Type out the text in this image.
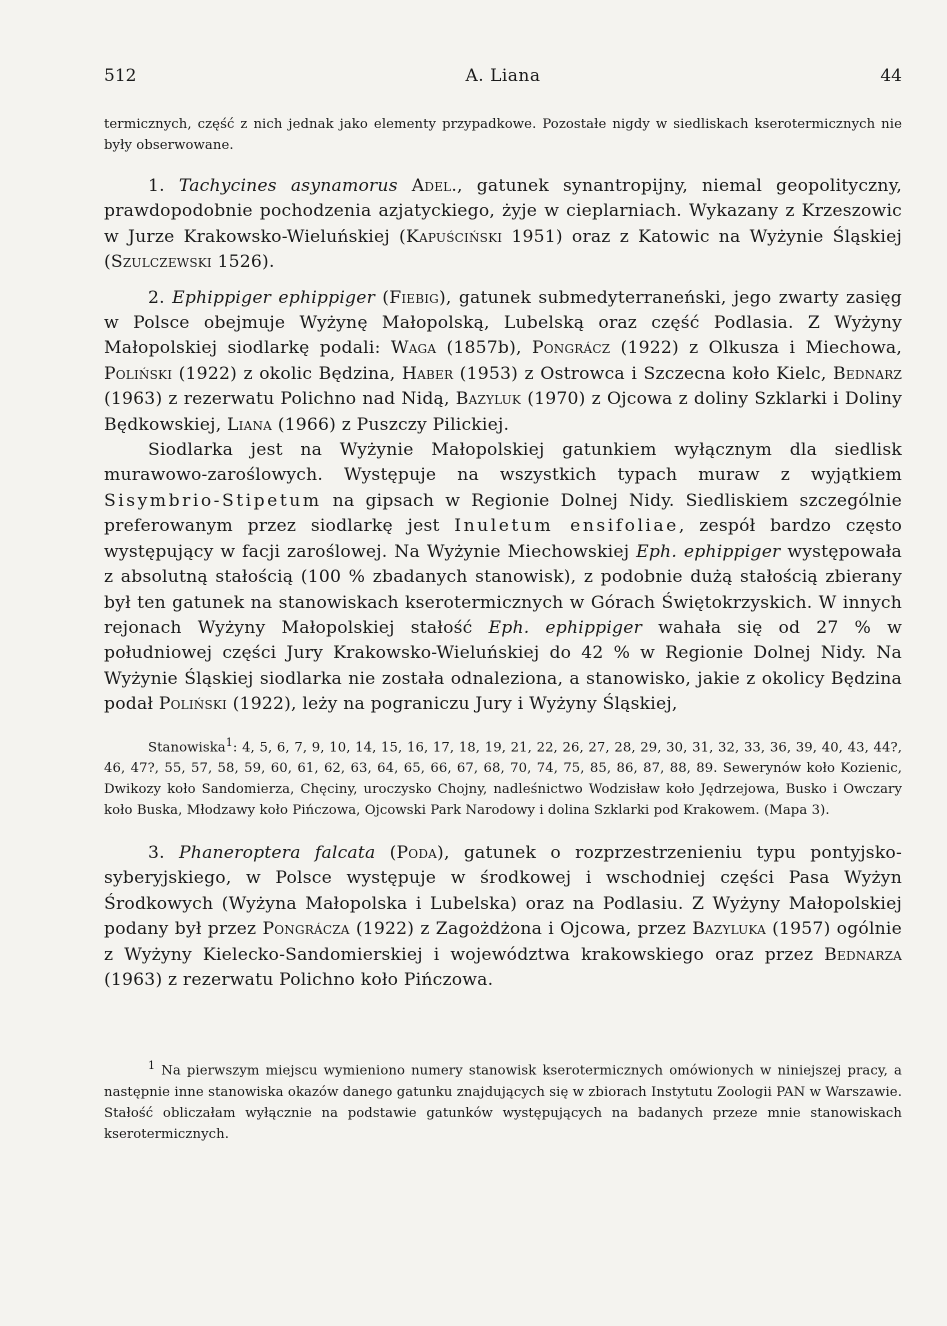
512	A. Liana	44
termicznych, część z nich jednak jako elementy przypadkowe. Pozostałe nigdy w siedliskach kserotermicznych nie były obserwowane.

1. Tachycines asynamorus Adel., gatunek synantropijny, niemal geopolityczny, prawdopodobnie pochodzenia azjatyckiego, żyje w cieplarniach. Wykazany z Krzeszowic w Jurze Krakowsko-Wieluńskiej (Kapuściński 1951) oraz z Katowic na Wyżynie Śląskiej (Szulczewski 1526).

2. Ephippiger ephippiger (Fiebig), gatunek submedyterraneński, jego zwarty zasięg w Polsce obejmuje Wyżynę Małopolską, Lubelską oraz część Podlasia. Z Wyżyny Małopolskiej siodlarkę podali: Waga (1857b), Pongrácz (1922) z Olkusza i Miechowa, Poliński (1922) z okolic Będzina, Haber (1953) z Ostrowca i Szczecna koło Kielc, Bednarz (1963) z rezerwatu Polichno nad Nidą, Bazyluk (1970) z Ojcowa z doliny Szklarki i Doliny Będkowskiej, Liana (1966) z Puszczy Pilickiej.

Siodlarka jest na Wyżynie Małopolskiej gatunkiem wyłącznym dla siedlisk murawowo-zaroślowych. Występuje na wszystkich typach muraw z wyjątkiem Sisymbrio-Stipetum na gipsach w Regionie Dolnej Nidy. Siedliskiem szczególnie preferowanym przez siodlarkę jest Inuletum ensifoliae, zespół bardzo często występujący w facji zaroślowej. Na Wyżynie Miechowskiej Eph. ephippiger występowała z absolutną stałością (100 % zbadanych stanowisk), z podobnie dużą stałością zbierany był ten gatunek na stanowiskach kserotermicznych w Górach Świętokrzyskich. W innych rejonach Wyżyny Małopolskiej stałość Eph. ephippiger wahała się od 27 % w południowej części Jury Krakowsko-Wieluńskiej do 42 % w Regionie Dolnej Nidy. Na Wyżynie Śląskiej siodlarka nie została odnaleziona, a stanowisko, jakie z okolicy Będzina podał Poliński (1922), leży na pograniczu Jury i Wyżyny Śląskiej,

Stanowiska$^1$: 4, 5, 6, 7, 9, 10, 14, 15, 16, 17, 18, 19, 21, 22, 26, 27, 28, 29, 30, 31, 32, 33, 36, 39, 40, 43, 44?, 46, 47?, 55, 57, 58, 59, 60, 61, 62, 63, 64, 65, 66, 67, 68, 70, 74, 75, 85, 86, 87, 88, 89. Sewerynów koło Kozienic, Dwikozy koło Sandomierza, Chęciny, uroczysko Chojny, nadleśnictwo Wodzisław koło Jędrzejowa, Busko i Owczary koło Buska, Młodzawy koło Pińczowa, Ojcowski Park Narodowy i dolina Szklarki pod Krakowem. (Mapa 3).

3. Phaneroptera falcata (Poda), gatunek o rozprzestrzenieniu typu pontyjsko-syberyjskiego, w Polsce występuje w środkowej i wschodniej części Pasa Wyżyn Środkowych (Wyżyna Małopolska i Lubelska) oraz na Podlasiu. Z Wyżyny Małopolskiej podany był przez Pongrácza (1922) z Zagożdżona i Ojcowa, przez Bazyluka (1957) ogólnie z Wyżyny Kielecko-Sandomierskiej i województwa krakowskiego oraz przez Bednarza (1963) z rezerwatu Polichno koło Pińczowa.

$^1$ Na pierwszym miejscu wymieniono numery stanowisk kserotermicznych omówionych w niniejszej pracy, a następnie inne stanowiska okazów danego gatunku znajdujących się w zbiorach Instytutu Zoologii PAN w Warszawie. Stałość obliczałam wyłącznie na podstawie gatunków występujących na badanych przeze mnie stanowiskach kserotermicznych.
